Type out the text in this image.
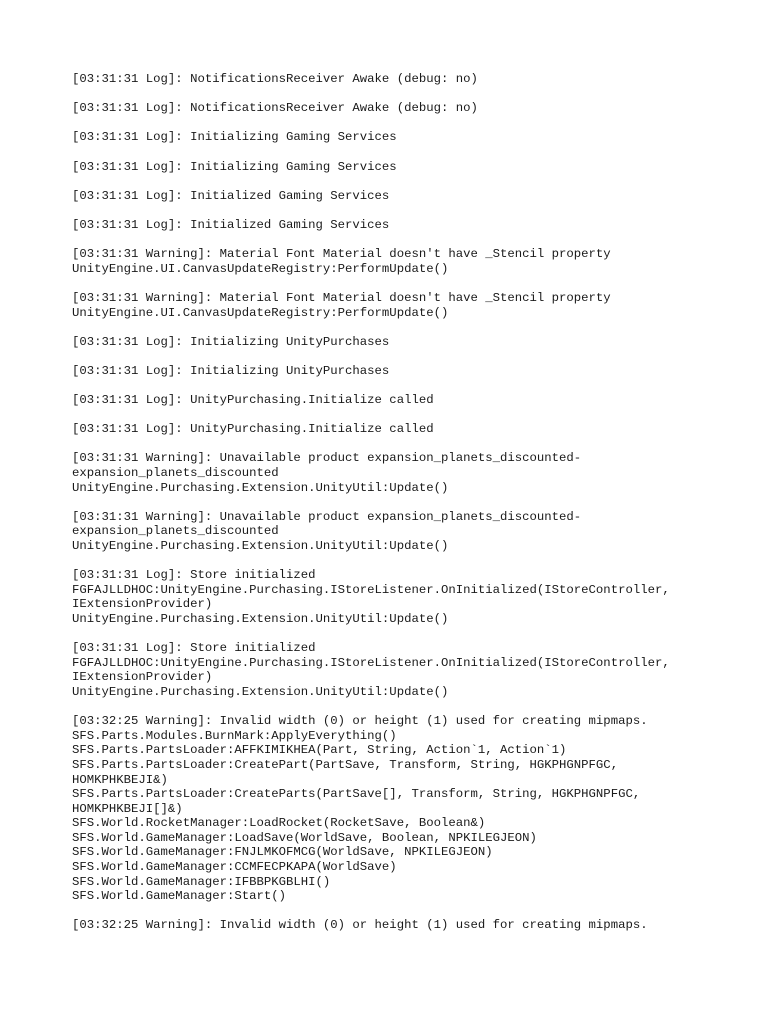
[03:31:31 Log]: NotificationsReceiver Awake (debug: no)
[03:31:31 Log]: NotificationsReceiver Awake (debug: no)
[03:31:31 Log]: Initializing Gaming Services
[03:31:31 Log]: Initializing Gaming Services
[03:31:31 Log]: Initialized Gaming Services
[03:31:31 Log]: Initialized Gaming Services
[03:31:31 Warning]: Material Font Material doesn't have _Stencil property
UnityEngine.UI.CanvasUpdateRegistry:PerformUpdate()
[03:31:31 Warning]: Material Font Material doesn't have _Stencil property
UnityEngine.UI.CanvasUpdateRegistry:PerformUpdate()
[03:31:31 Log]: Initializing UnityPurchases
[03:31:31 Log]: Initializing UnityPurchases
[03:31:31 Log]: UnityPurchasing.Initialize called
[03:31:31 Log]: UnityPurchasing.Initialize called
[03:31:31 Warning]: Unavailable product expansion_planets_discounted-
expansion_planets_discounted
UnityEngine.Purchasing.Extension.UnityUtil:Update()
[03:31:31 Warning]: Unavailable product expansion_planets_discounted-
expansion_planets_discounted
UnityEngine.Purchasing.Extension.UnityUtil:Update()
[03:31:31 Log]: Store initialized
FGFAJLLDHOC:UnityEngine.Purchasing.IStoreListener.OnInitialized(IStoreController,
IExtensionProvider)
UnityEngine.Purchasing.Extension.UnityUtil:Update()
[03:31:31 Log]: Store initialized
FGFAJLLDHOC:UnityEngine.Purchasing.IStoreListener.OnInitialized(IStoreController,
IExtensionProvider)
UnityEngine.Purchasing.Extension.UnityUtil:Update()
[03:32:25 Warning]: Invalid width (0) or height (1) used for creating mipmaps.
SFS.Parts.Modules.BurnMark:ApplyEverything()
SFS.Parts.PartsLoader:AFFKIMIKHEA(Part, String, Action`1, Action`1)
SFS.Parts.PartsLoader:CreatePart(PartSave, Transform, String, HGKPHGNPFGC,
HOMKPHKBEJI&)
SFS.Parts.PartsLoader:CreateParts(PartSave[], Transform, String, HGKPHGNPFGC,
HOMKPHKBEJI[]&)
SFS.World.RocketManager:LoadRocket(RocketSave, Boolean&)
SFS.World.GameManager:LoadSave(WorldSave, Boolean, NPKILEGJEON)
SFS.World.GameManager:FNJLMKOFMCG(WorldSave, NPKILEGJEON)
SFS.World.GameManager:CCMFECPKAPA(WorldSave)
SFS.World.GameManager:IFBBPKGBLHI()
SFS.World.GameManager:Start()
[03:32:25 Warning]: Invalid width (0) or height (1) used for creating mipmaps.
